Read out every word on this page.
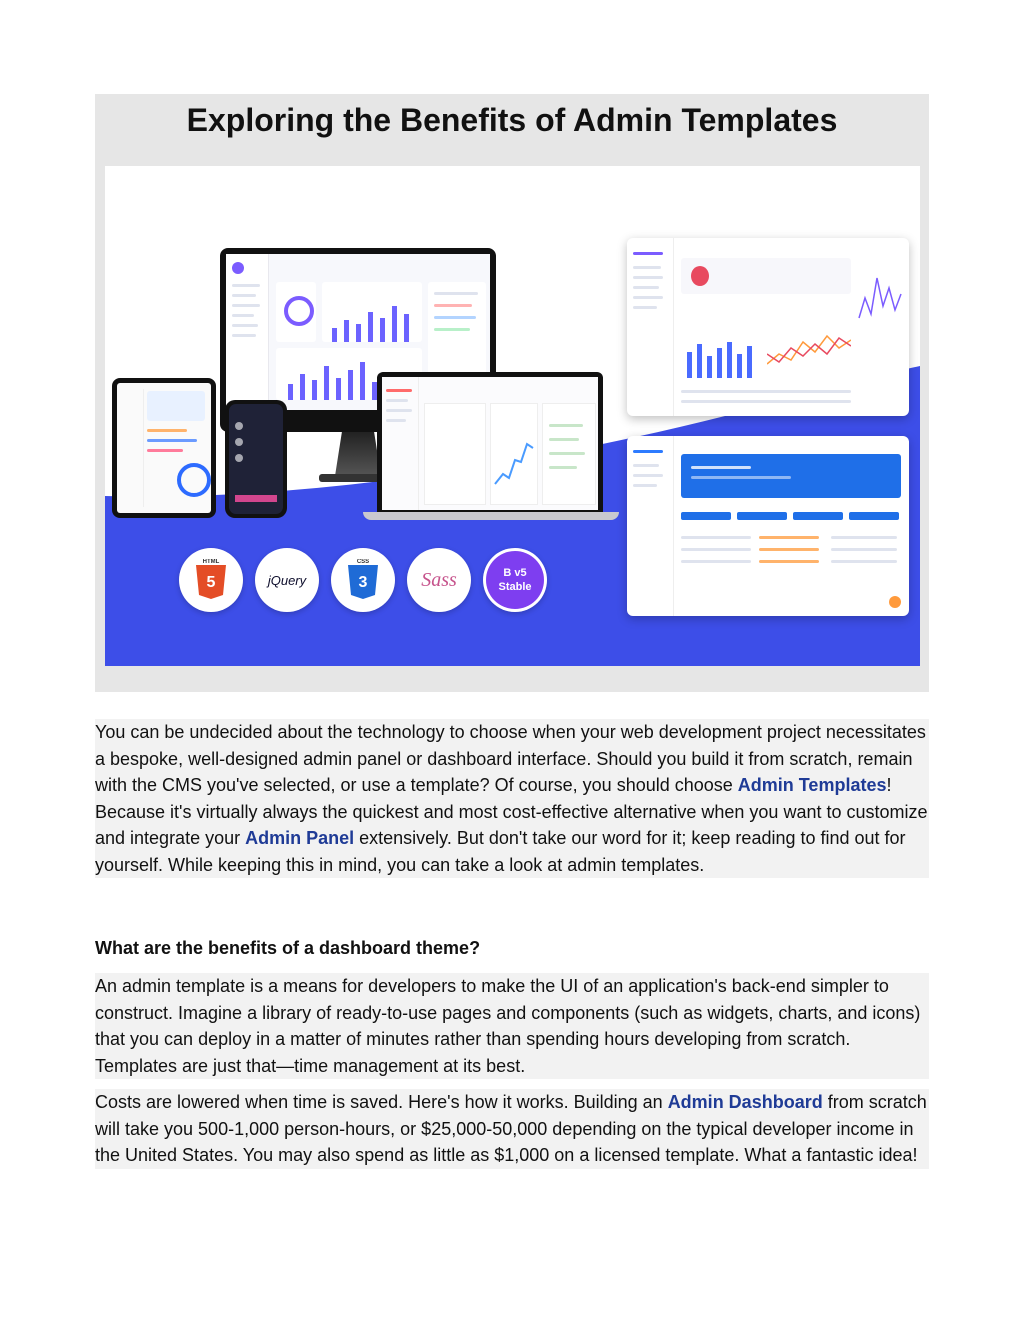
Exploring the Benefits of Admin Templates
5
HTML
jQuery	3
CSS
Sass	B v5 Stable

You can be undecided about the technology to choose when your web development project necessitates a bespoke, well-designed admin panel or dashboard interface. Should you build it from scratch, remain with the CMS you've selected, or use a template? Of course, you should choose Admin Templates! Because it's virtually always the quickest and most cost-effective alternative when you want to customize and integrate your Admin Panel extensively. But don't take our word for it; keep reading to find out for yourself. While keeping this in mind, you can take a look at admin templates.

What are the benefits of a dashboard theme?

An admin template is a means for developers to make the UI of an application's back-end simpler to construct. Imagine a library of ready-to-use pages and components (such as widgets, charts, and icons) that you can deploy in a matter of minutes rather than spending hours developing from scratch. Templates are just that—time management at its best.

Costs are lowered when time is saved. Here's how it works. Building an Admin Dashboard from scratch will take you 500-1,000 person-hours, or $25,000-50,000 depending on the typical developer income in the United States. You may also spend as little as $1,000 on a licensed template. What a fantastic idea!
